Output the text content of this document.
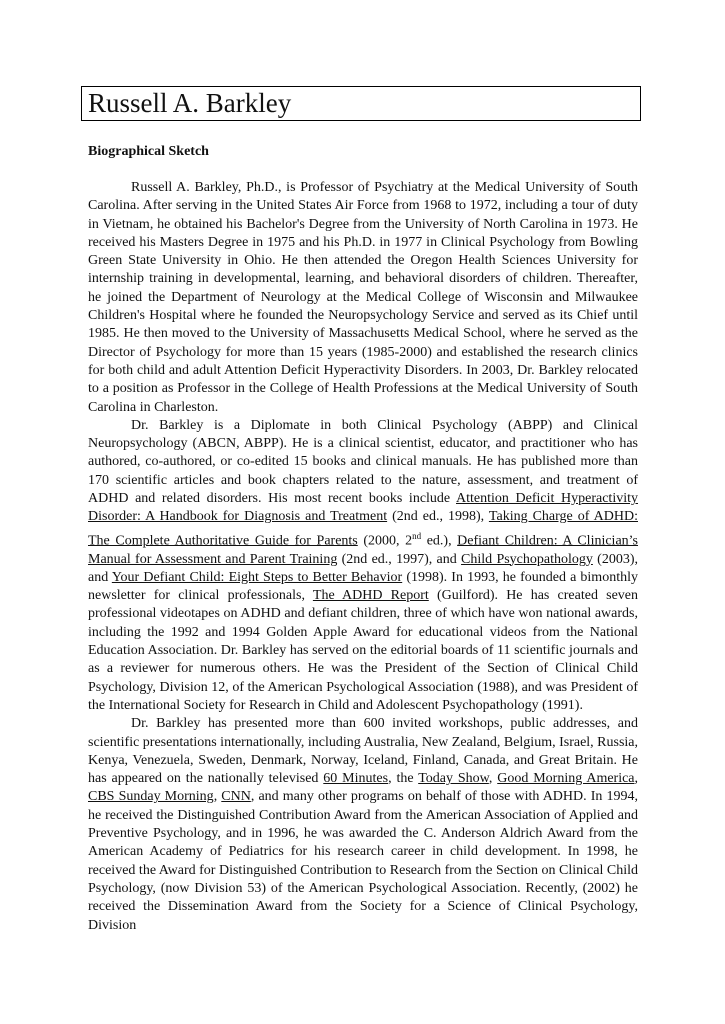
Russell A. Barkley
Biographical Sketch

Russell A. Barkley, Ph.D., is Professor of Psychiatry at the Medical University of South Carolina. After serving in the United States Air Force from 1968 to 1972, including a tour of duty in Vietnam, he obtained his Bachelor's Degree from the University of North Carolina in 1973. He received his Masters Degree in 1975 and his Ph.D. in 1977 in Clinical Psychology from Bowling Green State University in Ohio. He then attended the Oregon Health Sciences University for internship training in developmental, learning, and behavioral disorders of children. Thereafter, he joined the Department of Neurology at the Medical College of Wisconsin and Milwaukee Children's Hospital where he founded the Neuropsychology Service and served as its Chief until 1985. He then moved to the University of Massachusetts Medical School, where he served as the Director of Psychology for more than 15 years (1985-2000) and established the research clinics for both child and adult Attention Deficit Hyperactivity Disorders. In 2003, Dr. Barkley relocated to a position as Professor in the College of Health Professions at the Medical University of South Carolina in Charleston.

Dr. Barkley is a Diplomate in both Clinical Psychology (ABPP) and Clinical Neuropsychology (ABCN, ABPP). He is a clinical scientist, educator, and practitioner who has authored, co-authored, or co-edited 15 books and clinical manuals. He has published more than 170 scientific articles and book chapters related to the nature, assessment, and treatment of ADHD and related disorders. His most recent books include Attention Deficit Hyperactivity Disorder: A Handbook for Diagnosis and Treatment (2nd ed., 1998), Taking Charge of ADHD: The Complete Authoritative Guide for Parents (2000, 2nd ed.), Defiant Children: A Clinician’s Manual for Assessment and Parent Training (2nd ed., 1997), and Child Psychopathology (2003), and Your Defiant Child: Eight Steps to Better Behavior (1998). In 1993, he founded a bimonthly newsletter for clinical professionals, The ADHD Report (Guilford). He has created seven professional videotapes on ADHD and defiant children, three of which have won national awards, including the 1992 and 1994 Golden Apple Award for educational videos from the National Education Association. Dr. Barkley has served on the editorial boards of 11 scientific journals and as a reviewer for numerous others. He was the President of the Section of Clinical Child Psychology, Division 12, of the American Psychological Association (1988), and was President of the International Society for Research in Child and Adolescent Psychopathology (1991).

Dr. Barkley has presented more than 600 invited workshops, public addresses, and scientific presentations internationally, including Australia, New Zealand, Belgium, Israel, Russia, Kenya, Venezuela, Sweden, Denmark, Norway, Iceland, Finland, Canada, and Great Britain. He has appeared on the nationally televised 60 Minutes, the Today Show, Good Morning America, CBS Sunday Morning, CNN, and many other programs on behalf of those with ADHD. In 1994, he received the Distinguished Contribution Award from the American Association of Applied and Preventive Psychology, and in 1996, he was awarded the C. Anderson Aldrich Award from the American Academy of Pediatrics for his research career in child development. In 1998, he received the Award for Distinguished Contribution to Research from the Section on Clinical Child Psychology, (now Division 53) of the American Psychological Association. Recently, (2002) he received the Dissemination Award from the Society for a Science of Clinical Psychology, Division
